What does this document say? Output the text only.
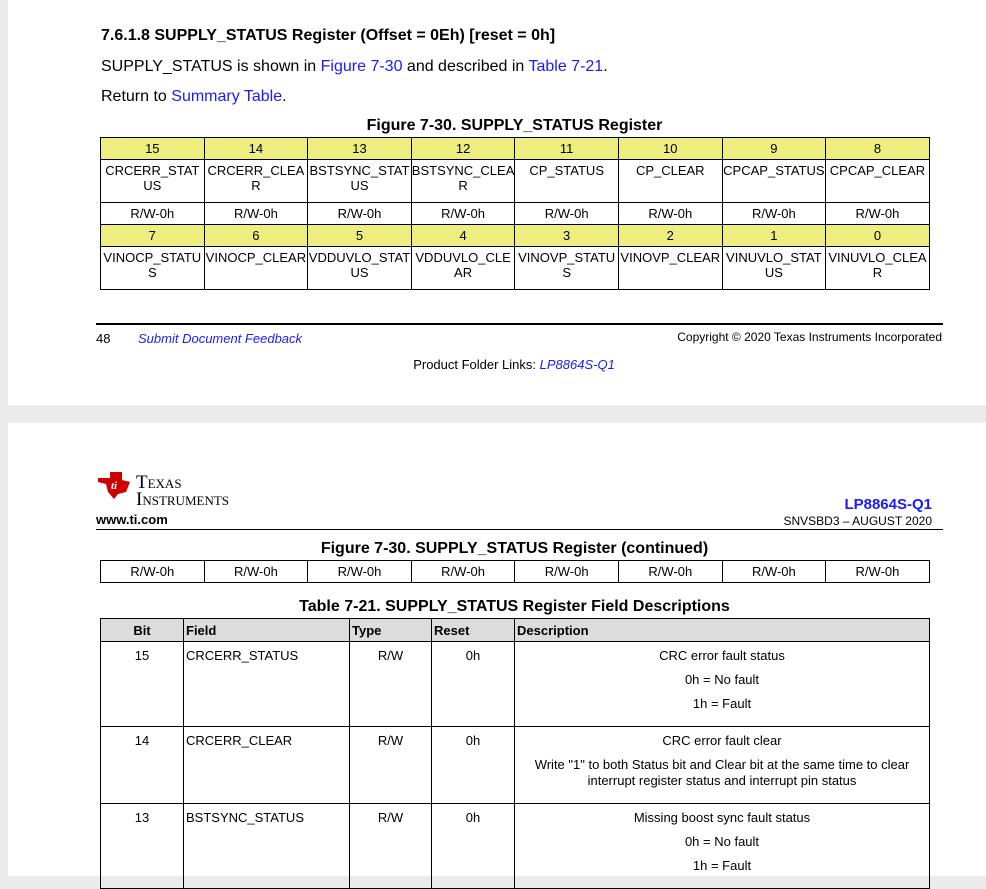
7.6.1.8 SUPPLY_STATUS Register (Offset = 0Eh) [reset = 0h]
SUPPLY_STATUS is shown in Figure 7-30 and described in Table 7-21.
Return to Summary Table.
Figure 7-30. SUPPLY_STATUS Register
15	14	13	12	11	10	9	8
CRCERR_STATUS	CRCERR_CLEAR	BSTSYNC_STATUS	BSTSYNC_CLEAR	CP_STATUS	CP_CLEAR	CPCAP_STATUS	CPCAP_CLEAR
R/W-0h	R/W-0h	R/W-0h	R/W-0h	R/W-0h	R/W-0h	R/W-0h	R/W-0h
7	6	5	4	3	2	1	0
VINOCP_STATUS	VINOCP_CLEAR	VDDUVLO_STATUS	VDDUVLO_CLEAR	VINOVP_STATUS	VINOVP_CLEAR	VINUVLO_STATUS	VINUVLO_CLEAR
48 Submit Document Feedback	Copyright © 2020 Texas Instruments Incorporated
Product Folder Links: LP8864S-Q1
ti Texas
Instruments
www.ti.com
LP8864S-Q1
SNVSBD3 – AUGUST 2020
Figure 7-30. SUPPLY_STATUS Register (continued)
R/W-0h	R/W-0h	R/W-0h	R/W-0h	R/W-0h	R/W-0h	R/W-0h	R/W-0h
Table 7-21. SUPPLY_STATUS Register Field Descriptions
Bit	Field	Type	Reset	Description
15	CRCERR_STATUS	R/W	0h	CRC error fault status

0h = No fault

1h = Fault

14	CRCERR_CLEAR	R/W	0h	CRC error fault clear

Write "1" to both Status bit and Clear bit at the same time to clear interrupt register status and interrupt pin status

13	BSTSYNC_STATUS	R/W	0h	Missing boost sync fault status

0h = No fault

1h = Fault
